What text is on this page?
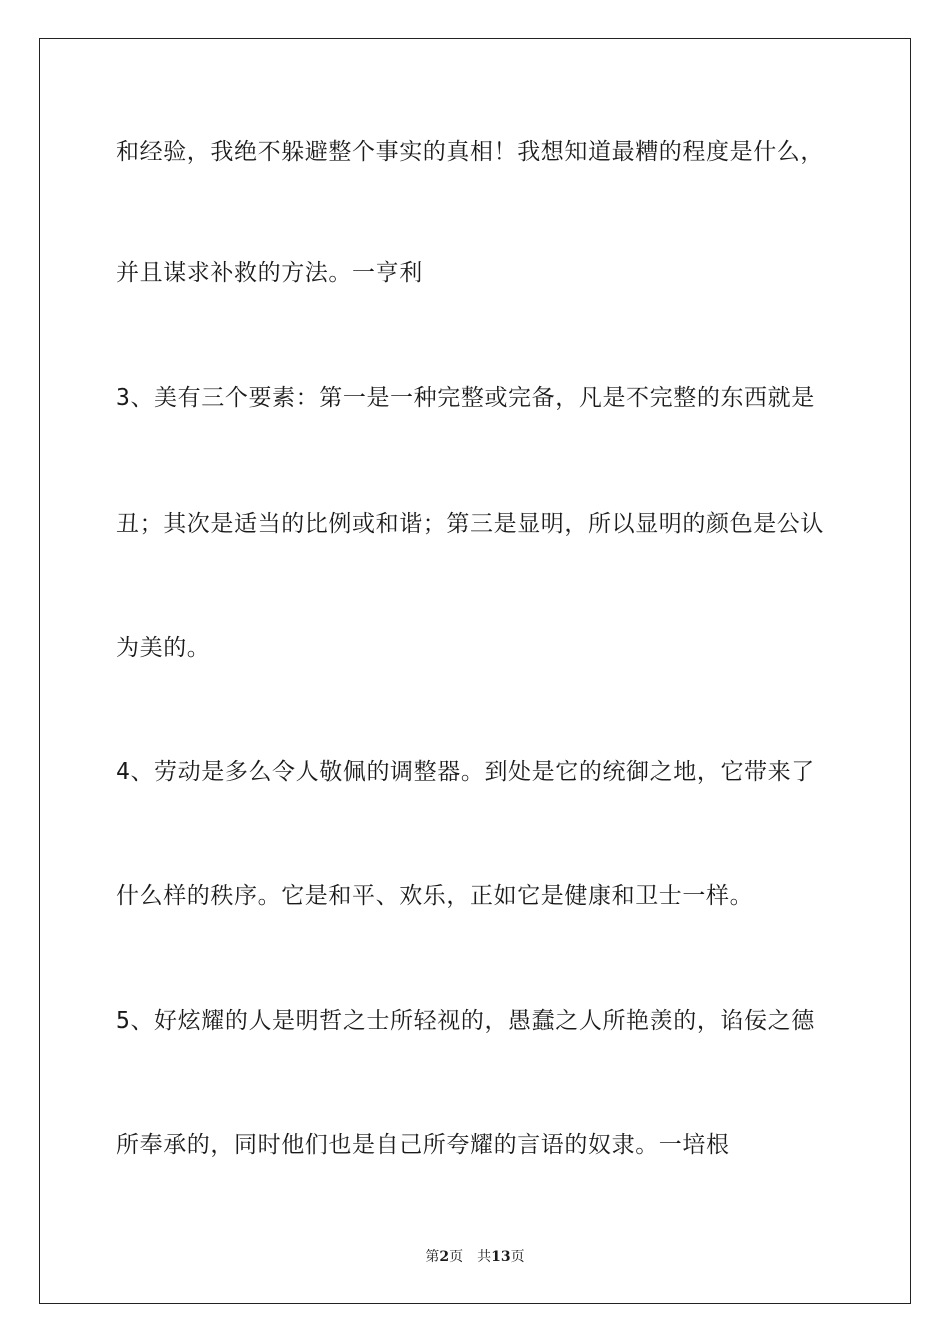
和经验，我绝不躲避整个事实的真相！我想知道最糟的程度是什么，
并且谋求补救的方法。一亨利
3、美有三个要素：第一是一种完整或完备，凡是不完整的东西就是
丑；其次是适当的比例或和谐；第三是显明，所以显明的颜色是公认
为美的。
4、劳动是多么令人敬佩的调整器。到处是它的统御之地，它带来了
什么样的秩序。它是和平、欢乐，正如它是健康和卫士一样。
5、好炫耀的人是明哲之士所轻视的，愚蠢之人所艳羡的，谄佞之德
所奉承的，同时他们也是自己所夸耀的言语的奴隶。一培根
第2页 共13页
